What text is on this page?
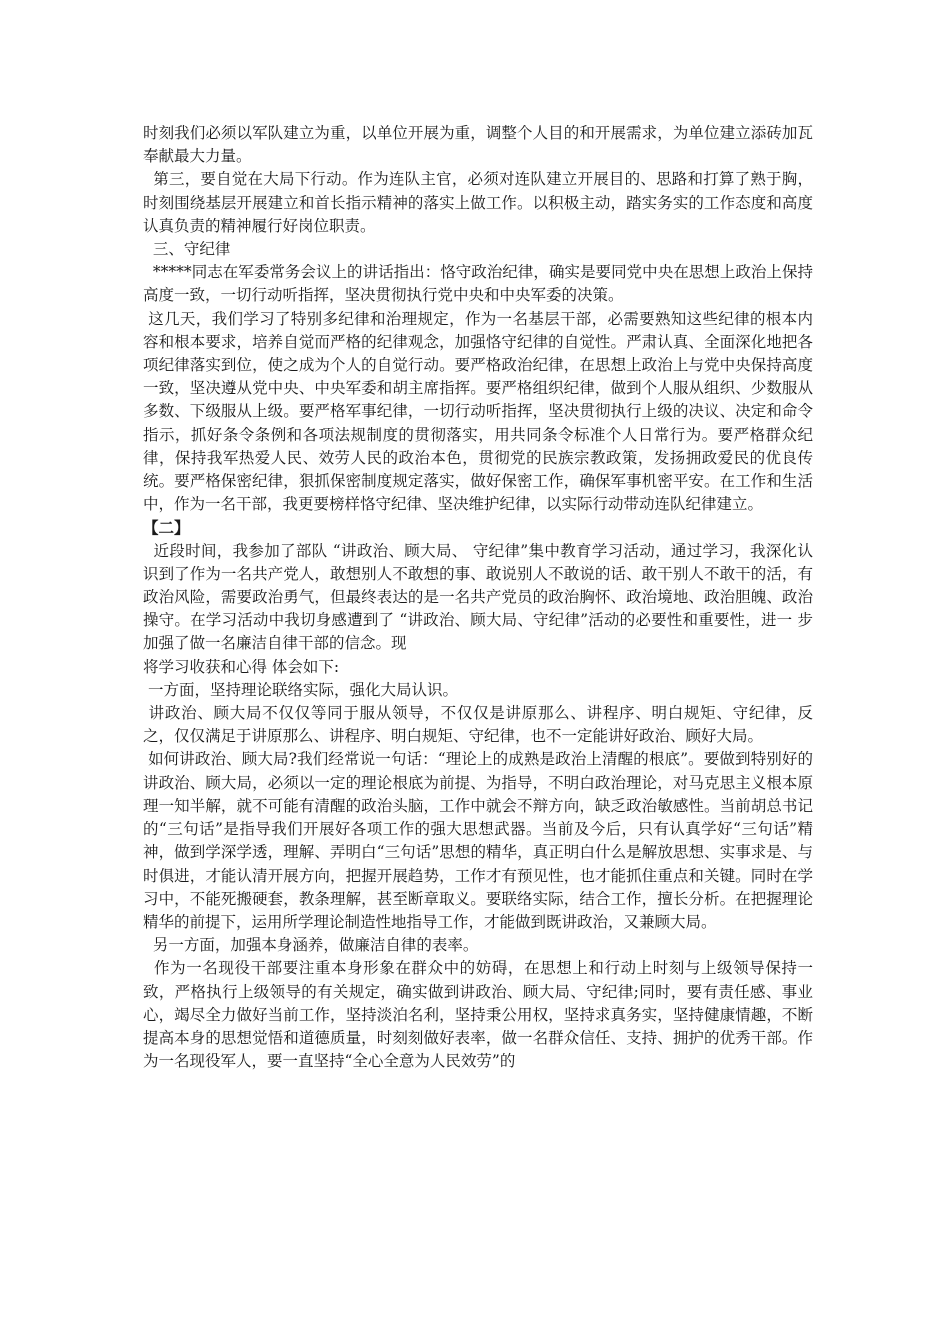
时刻我们必须以军队建立为重，以单位开展为重，调整个人目的和开展需求，为单位建立添砖加瓦奉献最大力量。

第三，要自觉在大局下行动。作为连队主官，必须对连队建立开展目的、思路和打算了熟于胸，时刻围绕基层开展建立和首长指示精神的落实上做工作。以积极主动，踏实务实的工作态度和高度认真负责的精神履行好岗位职责。

三、守纪律

*****同志在军委常务会议上的讲话指出：恪守政治纪律，确实是要同党中央在思想上政治上保持高度一致，一切行动听指挥，坚决贯彻执行党中央和中央军委的决策。

这几天，我们学习了特别多纪律和治理规定，作为一名基层干部，必需要熟知这些纪律的根本内容和根本要求，培养自觉而严格的纪律观念，加强恪守纪律的自觉性。严肃认真、全面深化地把各项纪律落实到位，使之成为个人的自觉行动。要严格政治纪律，在思想上政治上与党中央保持高度一致，坚决遵从党中央、中央军委和胡主席指挥。要严格组织纪律，做到个人服从组织、少数服从多数、下级服从上级。要严格军事纪律，一切行动听指挥，坚决贯彻执行上级的决议、决定和命令指示，抓好条令条例和各项法规制度的贯彻落实，用共同条令标准个人日常行为。要严格群众纪律，保持我军热爱人民、效劳人民的政治本色，贯彻党的民族宗教政策，发扬拥政爱民的优良传统。要严格保密纪律，狠抓保密制度规定落实，做好保密工作，确保军事机密平安。在工作和生活中，作为一名干部，我更要榜样恪守纪律、坚决维护纪律，以实际行动带动连队纪律建立。

【二】

近段时间，我参加了部队 “讲政治、顾大局、 守纪律”集中教育学习活动，通过学习，我深化认识到了作为一名共产党人，敢想别人不敢想的事、敢说别人不敢说的话、敢干别人不敢干的活，有政治风险，需要政治勇气，但最终表达的是一名共产党员的政治胸怀、政治境地、政治胆魄、政治操守。在学习活动中我切身感遭到了 “讲政治、顾大局、守纪律”活动的必要性和重要性，进一 步加强了做一名廉洁自律干部的信念。现

将学习收获和心得 体会如下:

一方面，坚持理论联络实际，强化大局认识。

讲政治、顾大局不仅仅等同于服从领导，不仅仅是讲原那么、讲程序、明白规矩、守纪律，反之，仅仅满足于讲原那么、讲程序、明白规矩、守纪律，也不一定能讲好政治、顾好大局。

如何讲政治、顾大局?我们经常说一句话：“理论上的成熟是政治上清醒的根底”。要做到特别好的讲政治、顾大局，必须以一定的理论根底为前提、为指导，不明白政治理论，对马克思主义根本原理一知半解，就不可能有清醒的政治头脑，工作中就会不辩方向，缺乏政治敏感性。当前胡总书记的“三句话”是指导我们开展好各项工作的强大思想武器。当前及今后，只有认真学好“三句话”精神，做到学深学透，理解、弄明白“三句话”思想的精华，真正明白什么是解放思想、实事求是、与时俱进，才能认清开展方向，把握开展趋势，工作才有预见性，也才能抓住重点和关键。同时在学习中，不能死搬硬套，教条理解，甚至断章取义。要联络实际，结合工作，擅长分析。在把握理论精华的前提下，运用所学理论制造性地指导工作，才能做到既讲政治，又兼顾大局。

另一方面，加强本身涵养，做廉洁自律的表率。

作为一名现役干部要注重本身形象在群众中的妨碍，在思想上和行动上时刻与上级领导保持一致，严格执行上级领导的有关规定，确实做到讲政治、顾大局、守纪律;同时，要有责任感、事业心，竭尽全力做好当前工作，坚持淡泊名利，坚持秉公用权，坚持求真务实，坚持健康情趣，不断提高本身的思想觉悟和道德质量，时刻刻做好表率，做一名群众信任、支持、拥护的优秀干部。作为一名现役军人，要一直坚持“全心全意为人民效劳”的
